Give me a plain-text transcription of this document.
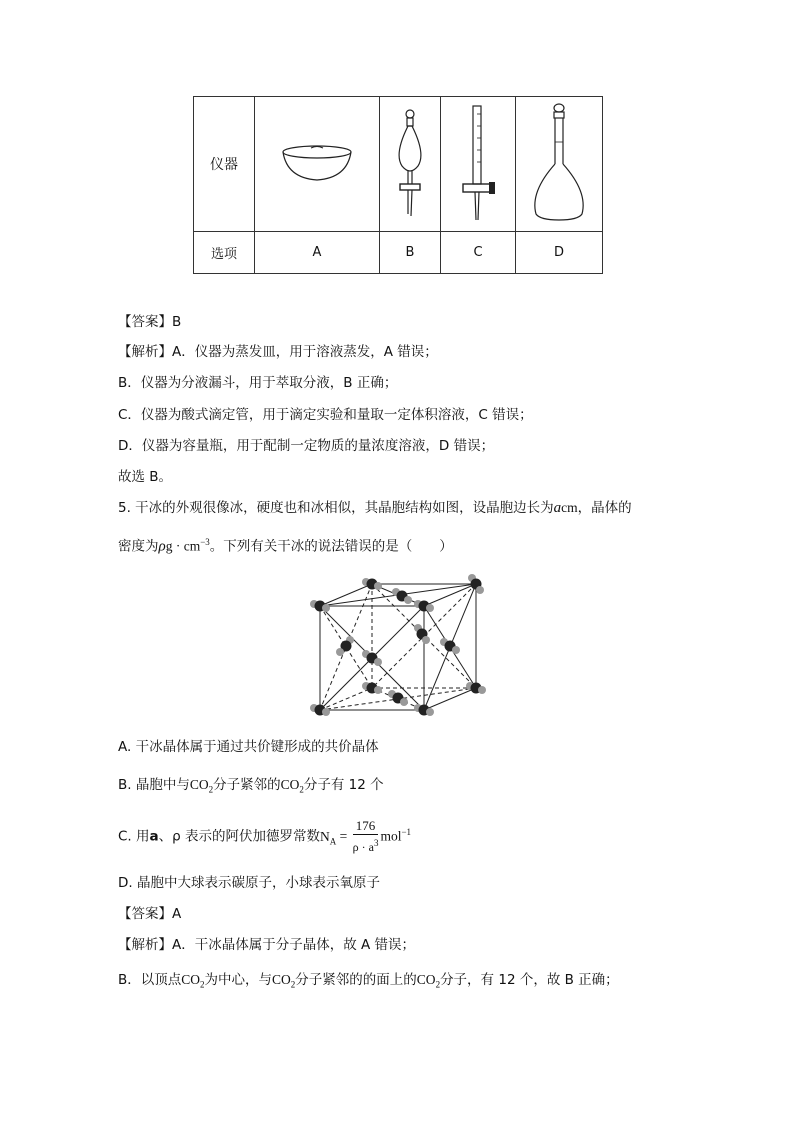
仪器	

选项	A	B	C	D
【答案】B
【解析】A．仪器为蒸发皿，用于溶液蒸发，A 错误；
B．仪器为分液漏斗，用于萃取分液，B 正确；
C．仪器为酸式滴定管，用于滴定实验和量取一定体积溶液，C 错误；
D．仪器为容量瓶，用于配制一定物质的量浓度溶液，D 错误；
故选 B。
5. 干冰的外观很像冰，硬度也和冰相似，其晶胞结构如图，设晶胞边长为acm，晶体的
密度为$\rho g \cdot cm^{-3}$。下列有关干冰的说法错误的是（　　）
A. 干冰晶体属于通过共价键形成的共价晶体
B. 晶胞中与$CO_2$分子紧邻的$CO_2$分子有 12 个
C. 用a、ρ 表示的阿伏加德罗常数$N_A = \frac{176}{\rho \cdot a^3} mol^{-1}$
D. 晶胞中大球表示碳原子，小球表示氧原子
【答案】A
【解析】A．干冰晶体属于分子晶体，故 A 错误；
B．以顶点$CO_2$为中心，与$CO_2$分子紧邻的的面上的$CO_2$分子，有 12 个，故 B 正确；
